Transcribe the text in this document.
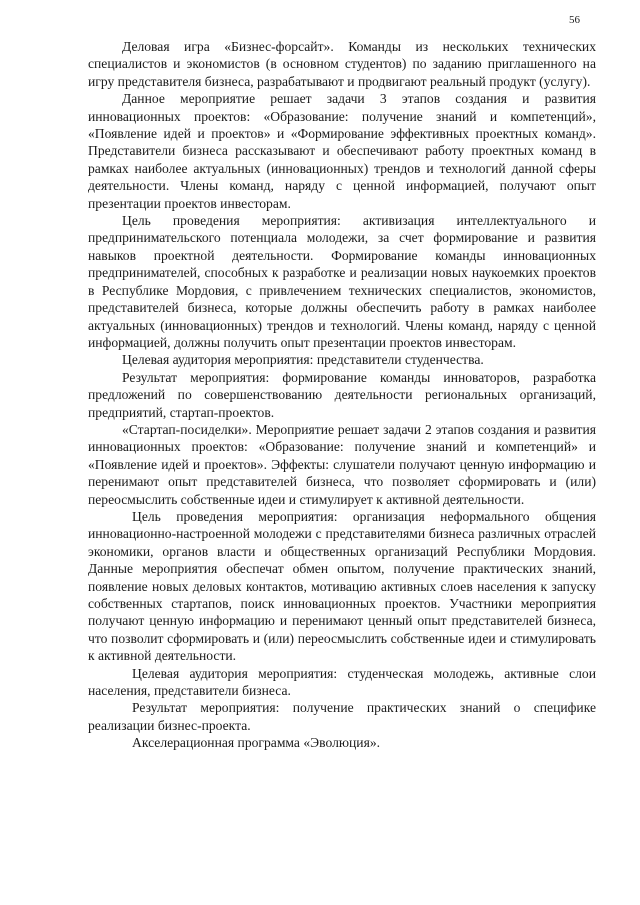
56

Деловая игра «Бизнес-форсайт». Команды из нескольких технических специалистов и экономистов (в основном студентов) по заданию приглашенного на игру представителя бизнеса, разрабатывают и продвигают реальный продукт (услугу).

Данное мероприятие решает задачи 3 этапов создания и развития инновационных проектов: «Образование: получение знаний и компетенций», «Появление идей и проектов» и «Формирование эффективных проектных команд». Представители бизнеса рассказывают и обеспечивают работу проектных команд в рамках наиболее актуальных (инновационных) трендов и технологий данной сферы деятельности. Члены команд, наряду с ценной информацией, получают опыт презентации проектов инвесторам.

Цель проведения мероприятия: активизация интеллектуального и предпринимательского потенциала молодежи, за счет формирование и развития навыков проектной деятельности. Формирование команды инновационных предпринимателей, способных к разработке и реализации новых наукоемких проектов в Республике Мордовия, с привлечением технических специалистов, экономистов, представителей бизнеса, которые должны обеспечить работу в рамках наиболее актуальных (инновационных) трендов и технологий. Члены команд, наряду с ценной информацией, должны получить опыт презентации проектов инвесторам.

Целевая аудитория мероприятия: представители студенчества.

Результат мероприятия: формирование команды инноваторов, разработка предложений по совершенствованию деятельности региональных организаций, предприятий, стартап-проектов.

«Стартап-посиделки». Мероприятие решает задачи 2 этапов создания и развития инновационных проектов: «Образование: получение знаний и компетенций» и «Появление идей и проектов». Эффекты: слушатели получают ценную информацию и перенимают опыт представителей бизнеса, что позволяет сформировать и (или) переосмыслить собственные идеи и стимулирует к активной деятельности.

Цель проведения мероприятия: организация неформального общения инновационно-настроенной молодежи с представителями бизнеса различных отраслей экономики, органов власти и общественных организаций Республики Мордовия. Данные мероприятия обеспечат обмен опытом, получение практических знаний, появление новых деловых контактов, мотивацию активных слоев населения к запуску собственных стартапов, поиск инновационных проектов. Участники мероприятия получают ценную информацию и перенимают ценный опыт представителей бизнеса, что позволит сформировать и (или) переосмыслить собственные идеи и стимулировать к активной деятельности.

Целевая аудитория мероприятия: студенческая молодежь, активные слои населения, представители бизнеса.

Результат мероприятия: получение практических знаний о специфике реализации бизнес-проекта.

Акселерационная программа «Эволюция».
